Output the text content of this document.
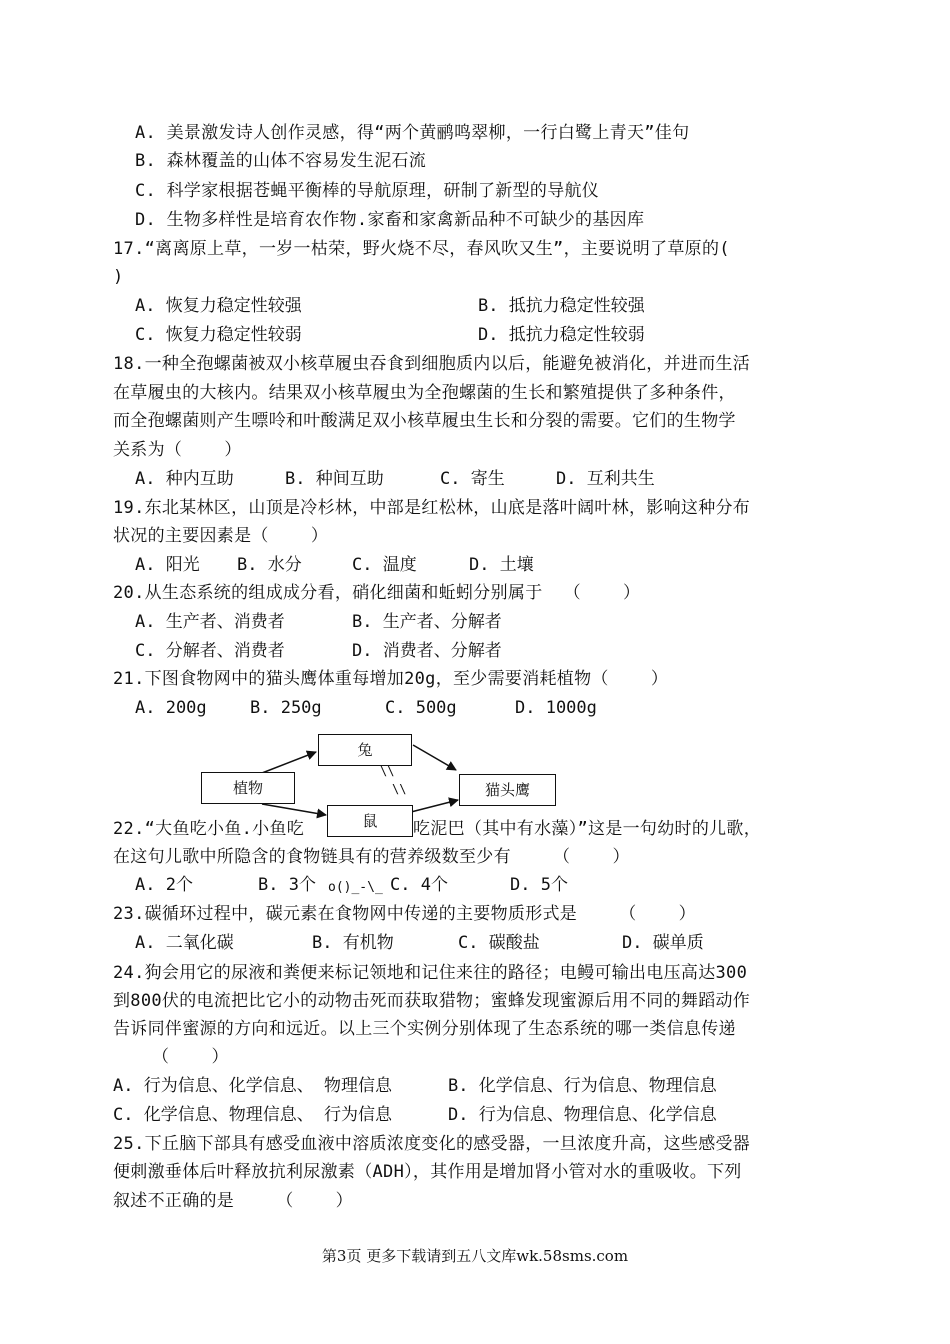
A. 美景激发诗人创作灵感，得“两个黄鹂鸣翠柳，一行白鹭上青天”佳句
B. 森林覆盖的山体不容易发生泥石流
C. 科学家根据苍蝇平衡棒的导航原理，研制了新型的导航仪
D. 生物多样性是培育农作物.家畜和家禽新品种不可缺少的基因库
17.“离离原上草，一岁一枯荣，野火烧不尽，春风吹又生”，主要说明了草原的(
)
A. 恢复力稳定性较强	B. 抵抗力稳定性较强
C. 恢复力稳定性较弱	D. 抵抗力稳定性较弱
18.一种全孢螺菌被双小核草履虫吞食到细胞质内以后，能避免被消化，并进而生活
在草履虫的大核内。结果双小核草履虫为全孢螺菌的生长和繁殖提供了多种条件，
而全孢螺菌则产生嘌呤和叶酸满足双小核草履虫生长和分裂的需要。它们的生物学
关系为（    ）
A. 种内互助	B. 种间互助	C. 寄生	D. 互利共生
19.东北某林区，山顶是冷杉林，中部是红松林，山底是落叶阔叶林，影响这种分布
状况的主要因素是（    ）
A. 阳光 B. 水分	C. 温度	D. 土壤
20.从生态系统的组成成分看，硝化细菌和蚯蚓分别属于  （    ）
A. 生产者、消费者	B. 生产者、分解者
C. 分解者、消费者	D. 消费者、分解者
21.下图食物网中的猫头鹰体重每增加20g，至少需要消耗植物（    ）
A. 200g	B. 250g	C. 500g	D. 1000g
植物
兔
猫头鹰
鼠
\\
\\
22.“大鱼吃小鱼.小鱼吃	吃泥巴（其中有水藻）”这是一句幼时的儿歌，
在这句儿歌中所隐含的食物链具有的营养级数至少有    （    ）
A. 2个	B. 3个 o()_-\_ C. 4个	D. 5个
23.碳循环过程中，碳元素在食物网中传递的主要物质形式是    （    ）
A. 二氧化碳	B. 有机物	C. 碳酸盐	D. 碳单质
24.狗会用它的尿液和粪便来标记领地和记住来往的路径；电鳗可输出电压高达300
到800伏的电流把比它小的动物击死而获取猎物；蜜蜂发现蜜源后用不同的舞蹈动作
告诉同伴蜜源的方向和远近。以上三个实例分别体现了生态系统的哪一类信息传递
（    ）
A. 行为信息、化学信息、 物理信息	B. 化学信息、行为信息、物理信息
C. 化学信息、物理信息、 行为信息	D. 行为信息、物理信息、化学信息
25.下丘脑下部具有感受血液中溶质浓度变化的感受器，一旦浓度升高，这些感受器
便刺激垂体后叶释放抗利尿激素（ADH），其作用是增加肾小管对水的重吸收。下列
叙述不正确的是    （    ）
第3页 更多下载请到五八文库wk.58sms.com
